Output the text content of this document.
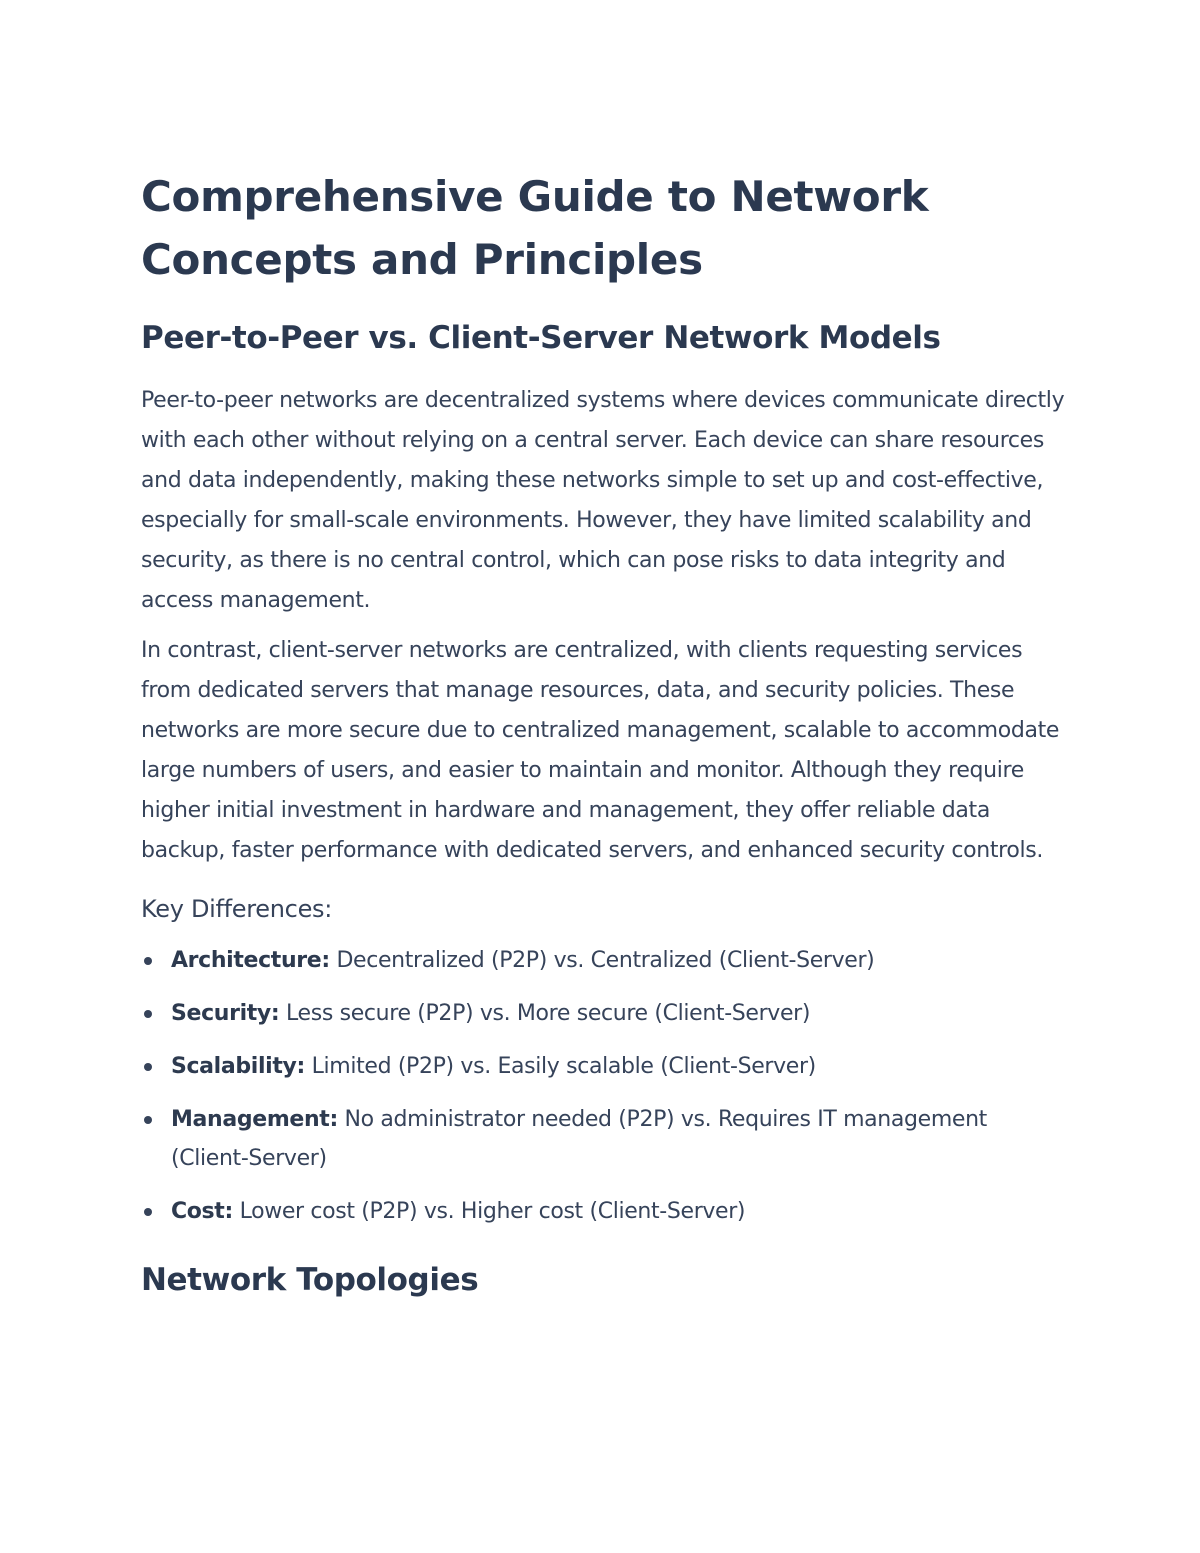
Comprehensive Guide to Network Concepts and Principles
Peer-to-Peer vs. Client-Server Network Models

Peer-to-peer networks are decentralized systems where devices communicate directly with each other without relying on a central server. Each device can share resources and data independently, making these networks simple to set up and cost-effective, especially for small-scale environments. However, they have limited scalability and security, as there is no central control, which can pose risks to data integrity and access management.

In contrast, client-server networks are centralized, with clients requesting services from dedicated servers that manage resources, data, and security policies. These networks are more secure due to centralized management, scalable to accommodate large numbers of users, and easier to maintain and monitor. Although they require higher initial investment in hardware and management, they offer reliable data backup, faster performance with dedicated servers, and enhanced security controls.

Key Differences:
Architecture: Decentralized (P2P) vs. Centralized (Client-Server)
Security: Less secure (P2P) vs. More secure (Client-Server)
Scalability: Limited (P2P) vs. Easily scalable (Client-Server)
Management: No administrator needed (P2P) vs. Requires IT management (Client-Server)
Cost: Lower cost (P2P) vs. Higher cost (Client-Server)
Network Topologies
